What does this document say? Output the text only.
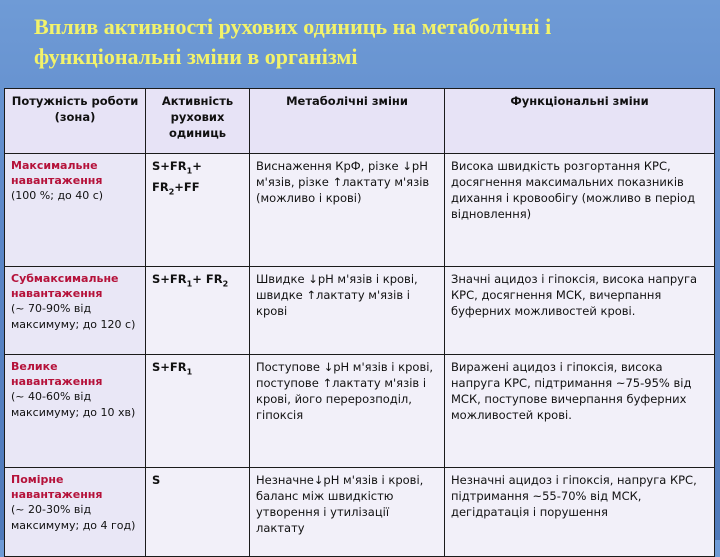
Вплив активності рухових одиниць на метаболічні і функціональні зміни в організмі
Потужність роботи (зона)	Активність рухових одиниць	Метаболічні зміни	Функціональні зміни

Максимальне навантаження
(100 %; до 40 с)	$S+FR_1+ FR_2+FF$	Виснаження КрФ, різке ↓рН м'язів, різке ↑лактату м'язів (можливо і крові)	Висока швидкість розгортання КРС, досягнення максимальних показників дихання і кровообігу (можливо в період відновлення)

Субмаксимальне навантаження
(~ 70-90% від максимуму; до 120 с)	$S+FR_1+ FR_2$	Швидке ↓рН м'язів і крові, швидке ↑лактату м'язів і крові	Значні ацидоз і гіпоксія, висока напруга КРС, досягнення МСК, вичерпання буферних можливостей крові.

Велике навантаження
(~ 40-60% від максимуму; до 10 хв)	$S+FR_1$	Поступове ↓рН м'язів і крові, поступове ↑лактату м'язів і крові, його перерозподіл, гіпоксія	Виражені ацидоз і гіпоксія, висока напруга КРС, підтримання ~75-95% від МСК, поступове вичерпання буферних можливостей крові.

Помірне навантаження
(~ 20-30% від максимуму; до 4 год)	S	Незначне↓рН м'язів і крові, баланс між швидкістю утворення і утилізації лактату	Незначні ацидоз і гіпоксія, напруга КРС, підтримання ~55-70% від МСК, дегідратація і порушення
